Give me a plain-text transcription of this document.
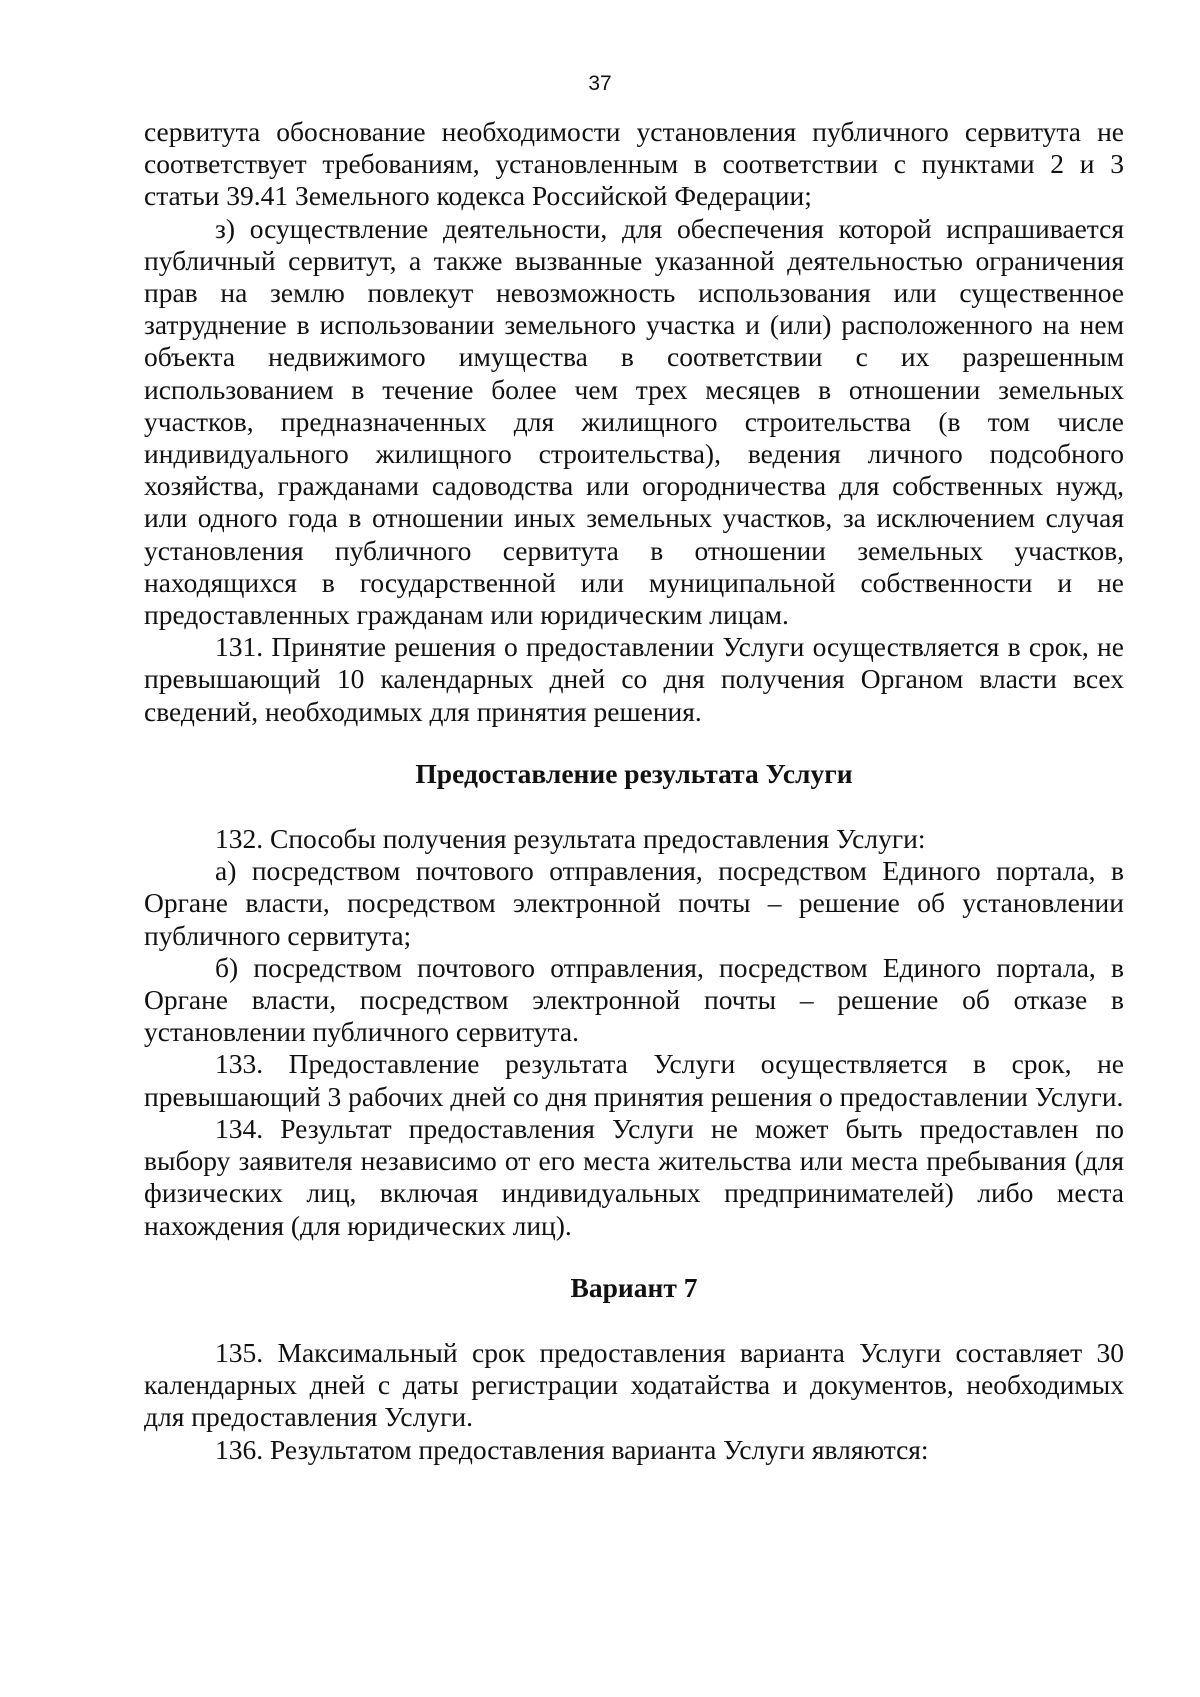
37

сервитута обоснование необходимости установления публичного сервитута не соответствует требованиям, установленным в соответствии с пунктами 2 и 3 статьи 39.41 Земельного кодекса Российской Федерации;

з) осуществление деятельности, для обеспечения которой испрашивается публичный сервитут, а также вызванные указанной деятельностью ограничения прав на землю повлекут невозможность использования или существенное затруднение в использовании земельного участка и (или) расположенного на нем объекта недвижимого имущества в соответствии с их разрешенным использованием в течение более чем трех месяцев в отношении земельных участков, предназначенных для жилищного строительства (в том числе индивидуального жилищного строительства), ведения личного подсобного хозяйства, гражданами садоводства или огородничества для собственных нужд, или одного года в отношении иных земельных участков, за исключением случая установления публичного сервитута в отношении земельных участков, находящихся в государственной или муниципальной собственности и не предоставленных гражданам или юридическим лицам.

131. Принятие решения о предоставлении Услуги осуществляется в срок, не превышающий 10 календарных дней со дня получения Органом власти всех сведений, необходимых для принятия решения.

Предоставление результата Услуги

132. Способы получения результата предоставления Услуги:

а) посредством почтового отправления, посредством Единого портала, в Органе власти, посредством электронной почты – решение об установлении публичного сервитута;

б) посредством почтового отправления, посредством Единого портала, в Органе власти, посредством электронной почты – решение об отказе в установлении публичного сервитута.

133. Предоставление результата Услуги осуществляется в срок, не превышающий 3 рабочих дней со дня принятия решения о предоставлении Услуги.

134. Результат предоставления Услуги не может быть предоставлен по выбору заявителя независимо от его места жительства или места пребывания (для физических лиц, включая индивидуальных предпринимателей) либо места нахождения (для юридических лиц).

Вариант 7

135. Максимальный срок предоставления варианта Услуги составляет 30 календарных дней с даты регистрации ходатайства и документов, необходимых для предоставления Услуги.

136. Результатом предоставления варианта Услуги являются:
